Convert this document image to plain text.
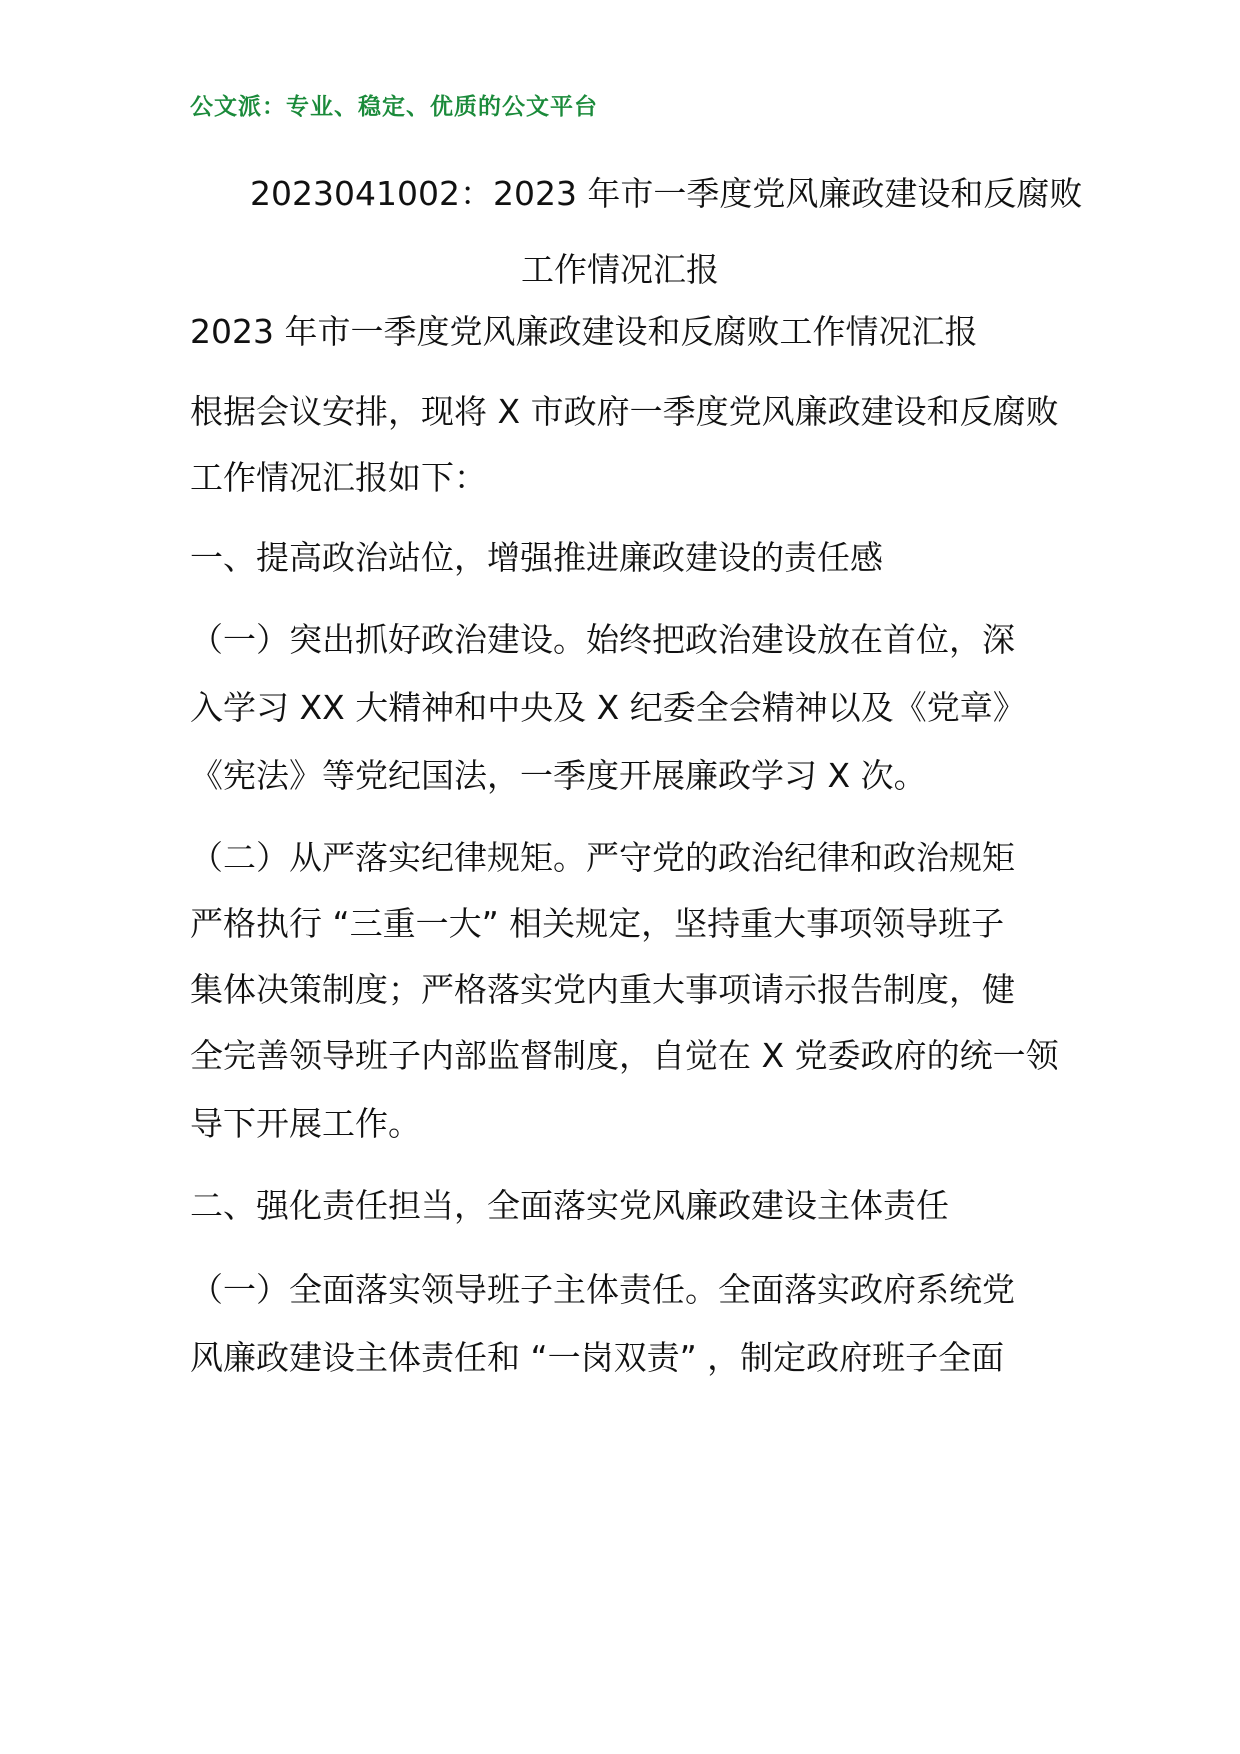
公文派：专业、稳定、优质的公文平台
2023041002：2023 年市一季度党风廉政建设和反腐败
工作情况汇报
2023 年市一季度党风廉政建设和反腐败工作情况汇报
根据会议安排，现将 X 市政府一季度党风廉政建设和反腐败
工作情况汇报如下：
一、提高政治站位，增强推进廉政建设的责任感
（一）突出抓好政治建设。始终把政治建设放在首位，深
入学习 XX 大精神和中央及 X 纪委全会精神以及《党章》
《宪法》等党纪国法，一季度开展廉政学习 X 次。
（二）从严落实纪律规矩。严守党的政治纪律和政治规矩
严格执行 “三重一大” 相关规定，坚持重大事项领导班子
集体决策制度；严格落实党内重大事项请示报告制度，健
全完善领导班子内部监督制度，自觉在 X 党委政府的统一领
导下开展工作。
二、强化责任担当，全面落实党风廉政建设主体责任
（一）全面落实领导班子主体责任。全面落实政府系统党
风廉政建设主体责任和 “一岗双责” ，制定政府班子全面
